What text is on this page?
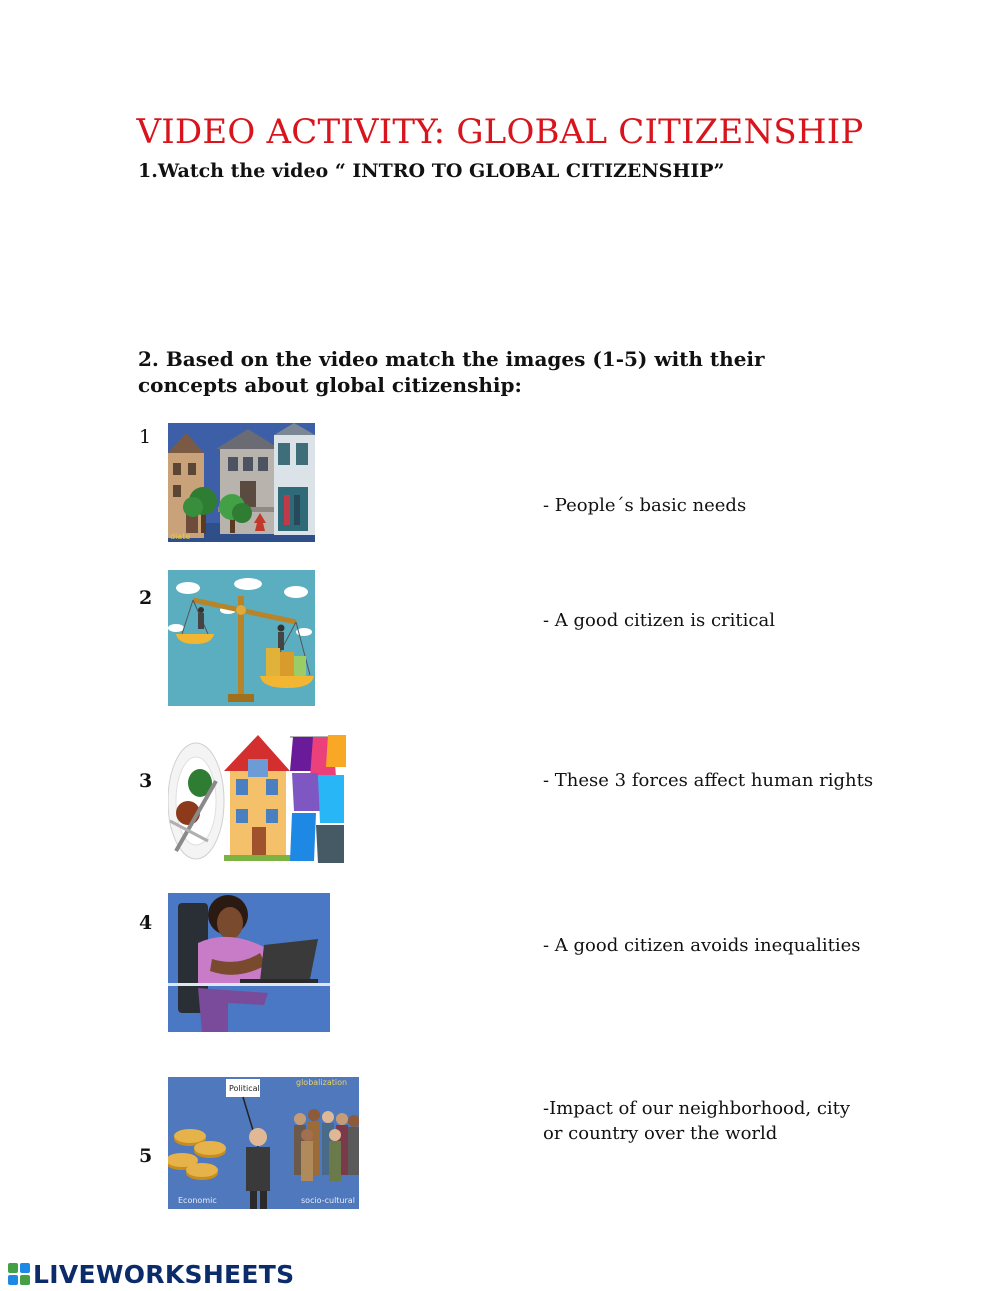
VIDEO ACTIVITY: GLOBAL CITIZENSHIP
1.Watch the video “ INTRO TO GLOBAL CITIZENSHIP”
2. Based on the video match the images (1-5) with their concepts about global citizenship:
1
2
3
4
5
diate
Economic
Political
globalization
socio-cultural
- People´s basic needs
- A good citizen is critical
- These 3 forces affect human rights
- A good citizen avoids inequalities
-Impact of our neighborhood, city or country over the world
LIVEWORKSHEETS
